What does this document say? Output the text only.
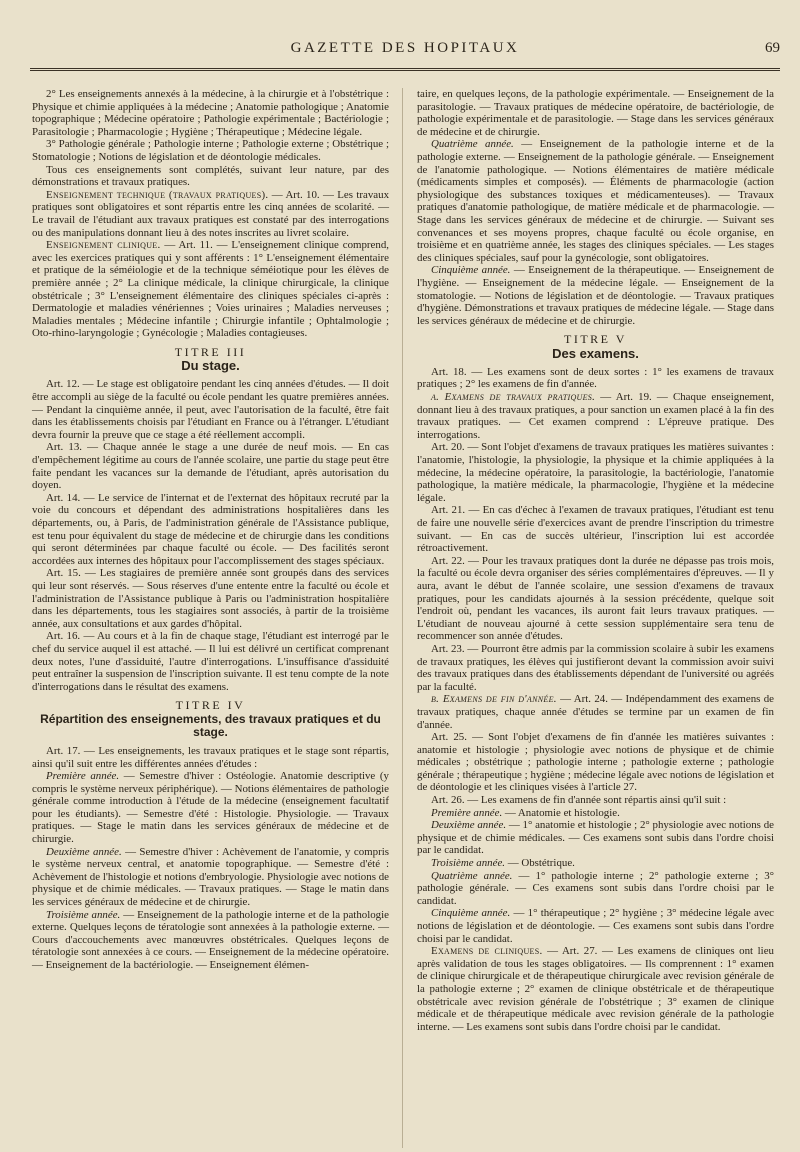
GAZETTE DES HOPITAUX	69

2° Les enseignements annexés à la médecine, à la chirurgie et à l'obstétrique : Physique et chimie appliquées à la médecine ; Anatomie pathologique ; Anatomie topographique ; Médecine opératoire ; Pathologie expérimentale ; Bactériologie ; Parasitologie ; Pharmacologie ; Hygiène ; Thérapeutique ; Médecine légale.

3° Pathologie générale ; Pathologie interne ; Pathologie externe ; Obstétrique ; Stomatologie ; Notions de législation et de déontologie médicales.

Tous ces enseignements sont complétés, suivant leur nature, par des démonstrations et travaux pratiques.

Enseignement technique (travaux pratiques). — Art. 10. — Les travaux pratiques sont obligatoires et sont répartis entre les cinq années de scolarité. — Le travail de l'étudiant aux travaux pratiques est constaté par des interrogations ou des manipulations donnant lieu à des notes inscrites au livret scolaire.

Enseignement clinique. — Art. 11. — L'enseignement clinique comprend, avec les exercices pratiques qui y sont afférents : 1° L'enseignement élémentaire et pratique de la séméiologie et de la technique séméiotique pour les élèves de première année ; 2° La clinique médicale, la clinique chirurgicale, la clinique obstétricale ; 3° L'enseignement élémentaire des cliniques spéciales ci-après : Dermatologie et maladies vénériennes ; Voies urinaires ; Maladies nerveuses ; Maladies mentales ; Médecine infantile ; Chirurgie infantile ; Ophtalmologie ; Oto-rhino-laryngologie ; Gynécologie ; Maladies contagieuses.

TITRE III

Du stage.

Art. 12. — Le stage est obligatoire pendant les cinq années d'études. — Il doit être accompli au siège de la faculté ou école pendant les quatre premières années. — Pendant la cinquième année, il peut, avec l'autorisation de la faculté, être fait dans les établissements choisis par l'étudiant en France ou à l'étranger. L'étudiant devra fournir la preuve que ce stage a été réellement accompli.

Art. 13. — Chaque année le stage a une durée de neuf mois. — En cas d'empêchement légitime au cours de l'année scolaire, une partie du stage peut être faite pendant les vacances sur la demande de l'étudiant, après autorisation du doyen.

Art. 14. — Le service de l'internat et de l'externat des hôpitaux recruté par la voie du concours et dépendant des administrations hospitalières dans les départements, ou, à Paris, de l'administration générale de l'Assistance publique, est tenu pour équivalent du stage de médecine et de chirurgie dans les conditions qui seront déterminées par chaque faculté ou école. — Des facilités seront accordées aux internes des hôpitaux pour l'accomplissement des stages spéciaux.

Art. 15. — Les stagiaires de première année sont groupés dans des services qui leur sont réservés. — Sous réserves d'une entente entre la faculté ou école et l'administration de l'Assistance publique à Paris ou l'administration hospitalière dans les départements, tous les stagiaires sont associés, à partir de la troisième année, aux consultations et aux gardes d'hôpital.

Art. 16. — Au cours et à la fin de chaque stage, l'étudiant est interrogé par le chef du service auquel il est attaché. — Il lui est délivré un certificat comprenant deux notes, l'une d'assiduité, l'autre d'interrogations. L'insuffisance d'assiduité peut entraîner la suspension de l'inscription suivante. Il est tenu compte de la note d'interrogations dans le résultat des examens.

TITRE IV

Répartition des enseignements, des travaux pratiques et du stage.

Art. 17. — Les enseignements, les travaux pratiques et le stage sont répartis, ainsi qu'il suit entre les différentes années d'études :

Première année. — Semestre d'hiver : Ostéologie. Anatomie descriptive (y compris le système nerveux périphérique). — Notions élémentaires de pathologie générale comme introduction à l'étude de la médecine (enseignement facultatif pour les étudiants). — Semestre d'été : Histologie. Physiologie. — Travaux pratiques. — Stage le matin dans les services généraux de médecine et de chirurgie.

Deuxième année. — Semestre d'hiver : Achèvement de l'anatomie, y compris le système nerveux central, et anatomie topographique. — Semestre d'été : Achèvement de l'histologie et notions d'embryologie. Physiologie avec notions de physique et de chimie médicales. — Travaux pratiques. — Stage le matin dans les services généraux de médecine et de chirurgie.

Troisième année. — Enseignement de la pathologie interne et de la pathologie externe. Quelques leçons de tératologie sont annexées à la pathologie externe. — Cours d'accouchements avec manœuvres obstétricales. Quelques leçons de tératologie sont annexées à ce cours. — Enseignement de la médecine opératoire. — Enseignement de la bactériologie. — Enseignement élémen-

taire, en quelques leçons, de la pathologie expérimentale. — Enseignement de la parasitologie. — Travaux pratiques de médecine opératoire, de bactériologie, de pathologie expérimentale et de parasitologie. — Stage dans les services généraux de médecine et de chirurgie.

Quatrième année. — Enseignement de la pathologie interne et de la pathologie externe. — Enseignement de la pathologie générale. — Enseignement de l'anatomie pathologique. — Notions élémentaires de matière médicale (médicaments simples et composés). — Éléments de pharmacologie (action physiologique des substances toxiques et médicamenteuses). — Travaux pratiques d'anatomie pathologique, de matière médicale et de pharmacologie. — Stage dans les services généraux de médecine et de chirurgie. — Suivant ses convenances et ses moyens propres, chaque faculté ou école organise, en troisième et en quatrième année, les stages des cliniques spéciales. — Les stages des cliniques spéciales, sauf pour la gynécologie, sont obligatoires.

Cinquième année. — Enseignement de la thérapeutique. — Enseignement de l'hygiène. — Enseignement de la médecine légale. — Enseignement de la stomatologie. — Notions de législation et de déontologie. — Travaux pratiques d'hygiène. Démonstrations et travaux pratiques de médecine légale. — Stage dans les services généraux de médecine et de chirurgie.

TITRE V

Des examens.

Art. 18. — Les examens sont de deux sortes : 1° les examens de travaux pratiques ; 2° les examens de fin d'année.

a. Examens de travaux pratiques. — Art. 19. — Chaque enseignement, donnant lieu à des travaux pratiques, a pour sanction un examen placé à la fin des travaux pratiques. — Cet examen comprend : L'épreuve pratique. Des interrogations.

Art. 20. — Sont l'objet d'examens de travaux pratiques les matières suivantes : l'anatomie, l'histologie, la physiologie, la physique et la chimie appliquées à la médecine, la médecine opératoire, la parasitologie, la bactériologie, l'anatomie pathologique, la matière médicale, la pharmacologie, l'hygiène et la médecine légale.

Art. 21. — En cas d'échec à l'examen de travaux pratiques, l'étudiant est tenu de faire une nouvelle série d'exercices avant de prendre l'inscription du trimestre suivant. — En cas de succès ultérieur, l'inscription lui est accordée rétroactivement.

Art. 22. — Pour les travaux pratiques dont la durée ne dépasse pas trois mois, la faculté ou école devra organiser des séries complémentaires d'épreuves. — Il y aura, avant le début de l'année scolaire, une session d'examens de travaux pratiques, pour les candidats ajournés à la session précédente, quelque soit l'endroit où, pendant les vacances, ils auront fait leurs travaux pratiques. — L'étudiant de nouveau ajourné à cette session supplémentaire sera tenu de recommencer son année d'études.

Art. 23. — Pourront être admis par la commission scolaire à subir les examens de travaux pratiques, les élèves qui justifieront devant la commission avoir suivi des travaux pratiques dans des établissements dépendant de l'université ou agréés par la faculté.

b. Examens de fin d'année. — Art. 24. — Indépendamment des examens de travaux pratiques, chaque année d'études se termine par un examen de fin d'année.

Art. 25. — Sont l'objet d'examens de fin d'année les matières suivantes : anatomie et histologie ; physiologie avec notions de physique et de chimie médicales ; obstétrique ; pathologie interne ; pathologie externe ; pathologie générale ; thérapeutique ; hygiène ; médecine légale avec notions de législation et de déontologie et les cliniques visées à l'article 27.

Art. 26. — Les examens de fin d'année sont répartis ainsi qu'il suit :

Première année. — Anatomie et histologie.

Deuxième année. — 1° anatomie et histologie ; 2° physiologie avec notions de physique et de chimie médicales. — Ces examens sont subis dans l'ordre choisi par le candidat.

Troisième année. — Obstétrique.

Quatrième année. — 1° pathologie interne ; 2° pathologie externe ; 3° pathologie générale. — Ces examens sont subis dans l'ordre choisi par le candidat.

Cinquième année. — 1° thérapeutique ; 2° hygiène ; 3° médecine légale avec notions de législation et de déontologie. — Ces examens sont subis dans l'ordre choisi par le candidat.

Examens de cliniques. — Art. 27. — Les examens de cliniques ont lieu après validation de tous les stages obligatoires. — Ils comprennent : 1° examen de clinique chirurgicale et de thérapeutique chirurgicale avec revision générale de la pathologie externe ; 2° examen de clinique obstétricale et de thérapeutique obstétricale avec revision générale de l'obstétrique ; 3° examen de clinique médicale et de thérapeutique médicale avec revision générale de la pathologie interne. — Les examens sont subis dans l'ordre choisi par le candidat.
